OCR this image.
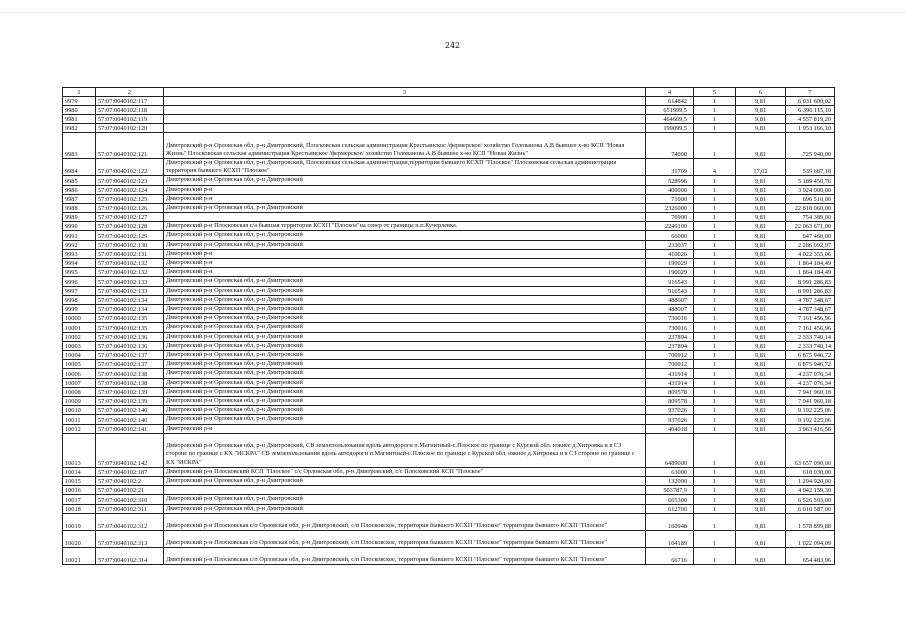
242
1	2	3	4	5	6	7
9979	57:07:0040102:117		614842	1	9,81	6 031 600,02
9980	57:07:0040102:118		651999,5	1	9,81	6 396 115,10
9981	57:07:0040102:119		464609,5	1	9,81	4 557 819,20
9982	57:07:0040102:120		199099,5	1	9,81	1 953 166,10
9983	57:07:0040102:121	Дмитровский р-н Орловская обл, р-н Дмитровский, Плосковская сельская администрация Крестьянское /фермерское/ хозяйство Голованова А.В бывшее х-во КСП "Новая Жизнь" Плосковская сельская администрация Крестьянское /фермерское/ хозяйство Голованова А.В бывшее х-во КСП "Новая Жизнь"	74000	1	9,81	725 940,00
9984	57:07:0040102:122	Дмитровский р-н Орловская обл, р-н Дмитровский, Плосковская сельская администрация,территория бывшего КСХП "Плоское" Плосковская сельская администрация территория бывшего КСХП "Плоское"	31709	4	17,02	539 687,18
9985	57:07:0040102:123	Дмитровский р-н Орловская обл, р-н Дмитровский	528996	1	9,81	5 189 450,76
9986	57:07:0040102:124	Дмитровский р-н	400000	1	9,81	3 924 000,00
9987	57:07:0040102:125	Дмитровский р-н	71000	1	9,81	696 510,00
9988	57:07:0040102:126	Дмитровский р-н Орловская обл, р-н Дмитровский	2326000	1	9,81	22 818 060,00
9989	57:07:0040102:127		76900	1	9,81	754 389,00
9990	57:07:0040102:128	Дмитровский р-н Плосковская с/а бывшая территория КСХП "Плоское"на север от границы н.п.Кучерлевка.	2249100	1	9,81	22 063 671,00
9991	57:07:0040102:129	Дмитровский р-н Орловская обл, р-н Дмитровский	66000	1	9,81	647 460,00
9992	57:07:0040102:130	Дмитровский р-н Орловская обл, р-н Дмитровский	233037	1	9,81	2 286 092,97
9993	57:07:0040102:131	Дмитровский р-н	410026	1	9,81	4 022 355,06
9994	57:07:0040102:132	Дмитровский р-н	190029	1	9,81	1 864 184,49
9995	57:07:0040102:132	Дмитровский р-н	190029	1	9,81	1 864 184,49
9996	57:07:0040102:133	Дмитровский р-н Орловская обл, р-н Дмитровский	916543	1	9,81	8 991 286,83
9997	57:07:0040102:133	Дмитровский р-н Орловская обл, р-н Дмитровский	916543	1	9,81	8 991 286,83
9998	57:07:0040102:134	Дмитровский р-н Орловская обл, р-н Дмитровский	488007	1	9,81	4 787 348,67
9999	57:07:0040102:134	Дмитровский р-н Орловская обл, р-н Дмитровский	488007	1	9,81	4 787 348,67
10000	57:07:0040102:135	Дмитровский р-н Орловская обл, р-н Дмитровский	730016	1	9,81	7 161 456,96
10001	57:07:0040102:135	Дмитровский р-н Орловская обл, р-н Дмитровский	730016	1	9,81	7 161 456,96
10002	57:07:0040102:136	Дмитровский р-н Орловская обл, р-н Дмитровский	237894	1	9,81	2 333 740,14
10003	57:07:0040102:136	Дмитровский р-н Орловская обл, р-н Дмитровский	237894	1	9,81	2 333 740,14
10004	57:07:0040102:137	Дмитровский р-н Орловская обл, р-н Дмитровский	700912	1	9,81	6 875 946,72
10005	57:07:0040102:137	Дмитровский р-н Орловская обл, р-н Дмитровский	700912	1	9,81	6 875 946,72
10006	57:07:0040102:138	Дмитровский р-н Орловская обл, р-н Дмитровский	431914	1	9,81	4 237 076,34
10007	57:07:0040102:138	Дмитровский р-н Орловская обл, р-н Дмитровский	431914	1	9,81	4 237 076,34
10008	57:07:0040102:139	Дмитровский р-н Орловская обл, р-н Дмитровский	809578	1	9,81	7 941 960,18
10009	57:07:0040102:139	Дмитровский р-н Орловская обл, р-н Дмитровский	809578	1	9,81	7 941 960,18
10010	57:07:0040102:140	Дмитровский р-н Орловская обл, р-н Дмитровский	937026	1	9,81	9 192 225,06
10011	57:07:0040102:140	Дмитровский р-н Орловская обл, р-н Дмитровский	937026	1	9,81	9 192 225,06
10012	57:07:0040102:141	Дмитровский р-н	404018	1	9,81	3 963 416,58
10013	57:07:0040102:142	Дмитровский р-н Орловская обл, р-н Дмитровский, СВ землепользования вдоль автодороги п.Магнитный-с.Плоское по границе с Курской обл. южнее д.Хитровка и в СЗ стороне по границе с КХ "ИСКРА" СВ землепользования вдоль автодороги п.Магнитный-с.Плоское по границе с Курской обл. южнее д.Хитровка и в СЗ стороне по границе с КХ "ИСКРА"	6489000	1	9,81	63 657 090,00
10014	57:07:0040102:187	Дмитровский р-н Плосковский КСП "Плоское" с/с Орловская обл, р-н Дмитровский, с/с Плосковский КСП "Плоское"	63000	1	9,81	618 030,00
10015	57:07:0040102:2	Дмитровский р-н Орловская обл, р-н Дмитровский	132000	1	9,81	1 294 920,00
10016	57:07:0040102:21		503787,9	1	9,81	4 942 159,30
10017	57:07:0040102:310	Дмитровский р-н Орловская обл, р-н Дмитровский	665300	1	9,81	6 526 593,00
10018	57:07:0040102:311	Дмитровский р-н Орловская обл, р-н Дмитровский	612700	1	9,81	6 010 587,00
10019	57:07:0040102:312	Дмитровский р-н Плосковская с/п Орловская обл, р-н Дмитровский, с/п Плосковское, территория бывшего КСХП "Плоское" территория бывшего КСХП "Плоское"	160948	1	9,81	1 578 899,88
10020	57:07:0040102:313	Дмитровский р-н Плосковская с/п Орловская обл, р-н Дмитровский, с/п Плосковское, территория бывшего КСХП "Плоское" территория бывшего КСХП "Плоское"	104189	1	9,81	1 022 094,09
10021	57:07:0040102:314	Дмитровский р-н Плосковская с/п Орловская обл, р-н Дмитровский, с/п Плосковское, территория бывшего КСХП "Плоское" территория бывшего КСХП "Плоское"	66716	1	9,81	654 483,96
